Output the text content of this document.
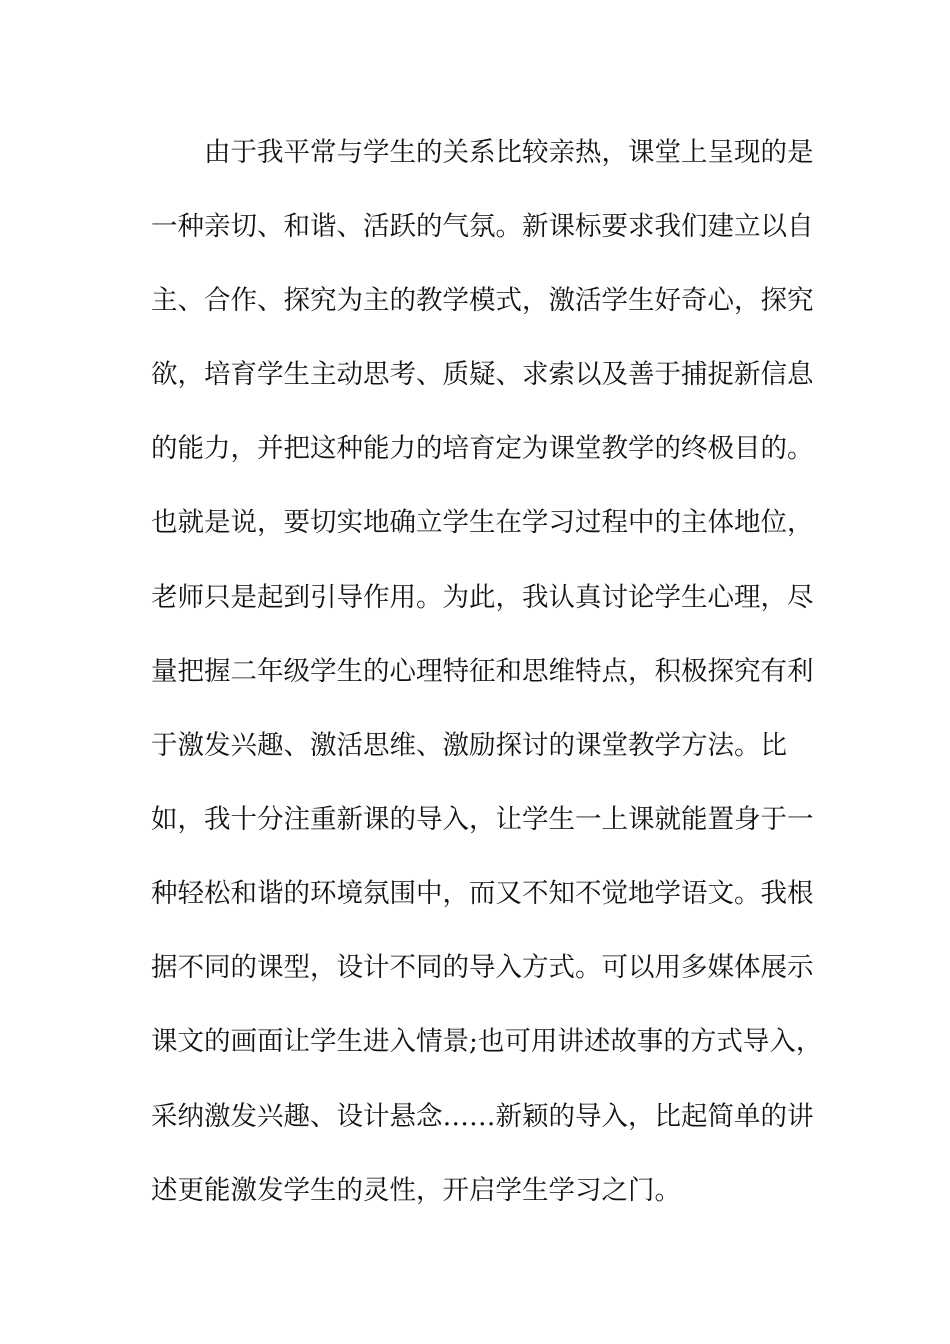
由于我平常与学生的关系比较亲热，课堂上呈现的是
一种亲切、和谐、活跃的气氛。新课标要求我们建立以自
主、合作、探究为主的教学模式，激活学生好奇心，探究
欲，培育学生主动思考、质疑、求索以及善于捕捉新信息
的能力，并把这种能力的培育定为课堂教学的终极目的。
也就是说，要切实地确立学生在学习过程中的主体地位，
老师只是起到引导作用。为此，我认真讨论学生心理，尽
量把握二年级学生的心理特征和思维特点，积极探究有利
于激发兴趣、激活思维、激励探讨的课堂教学方法。比
如，我十分注重新课的导入，让学生一上课就能置身于一
种轻松和谐的环境氛围中，而又不知不觉地学语文。我根
据不同的课型，设计不同的导入方式。可以用多媒体展示
课文的画面让学生进入情景;也可用讲述故事的方式导入，
采纳激发兴趣、设计悬念……新颖的导入，比起简单的讲
述更能激发学生的灵性，开启学生学习之门。
